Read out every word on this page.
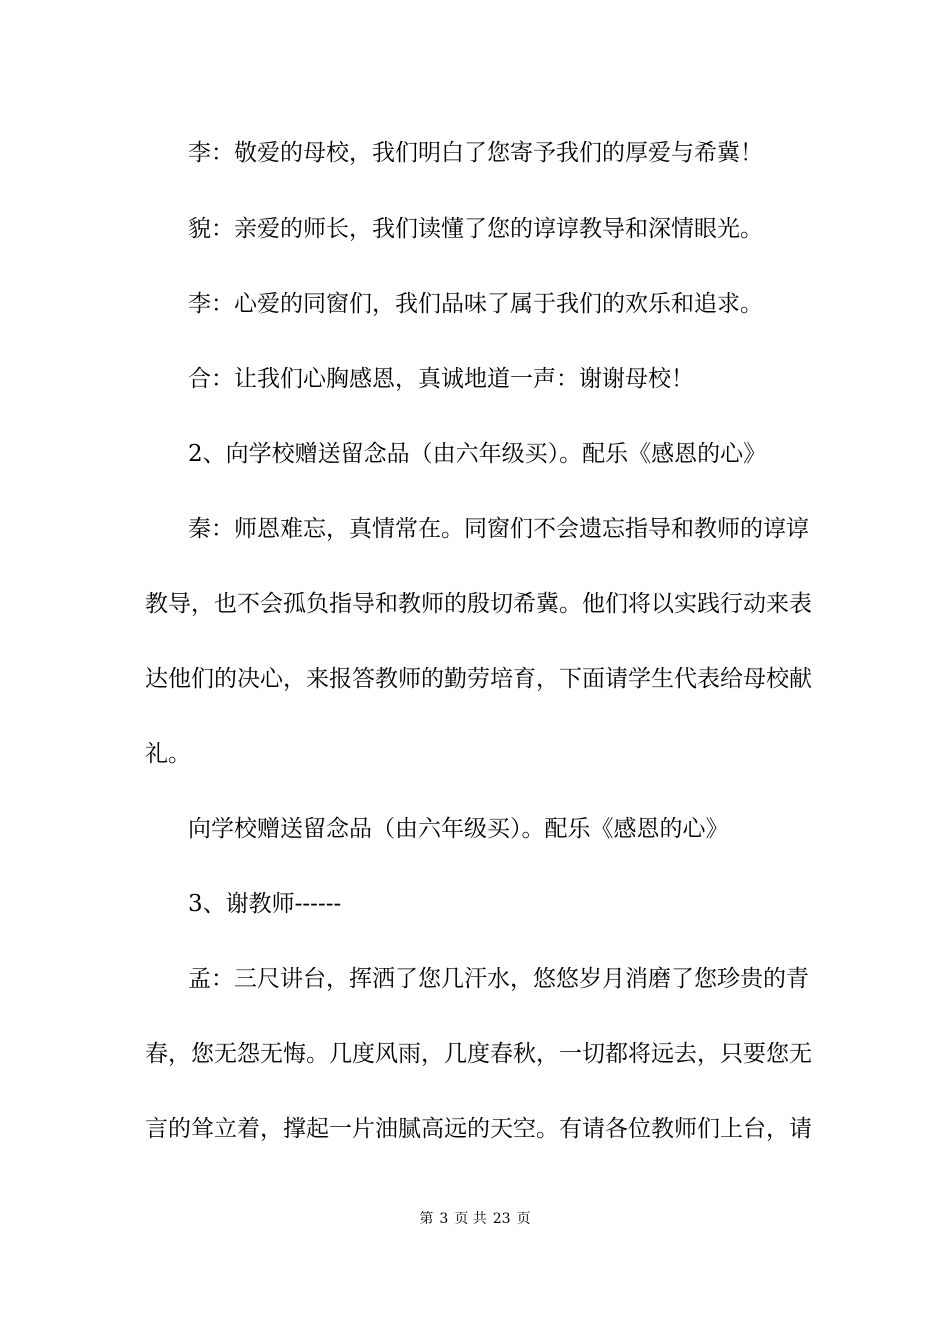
李：敬爱的母校，我们明白了您寄予我们的厚爱与希冀！
貌：亲爱的师长，我们读懂了您的谆谆教导和深情眼光。
李：心爱的同窗们，我们品味了属于我们的欢乐和追求。
合：让我们心胸感恩，真诚地道一声：谢谢母校！
2、向学校赠送留念品（由六年级买）。配乐《感恩的心》
秦：师恩难忘，真情常在。同窗们不会遗忘指导和教师的谆谆
教导，也不会孤负指导和教师的殷切希冀。他们将以实践行动来表
达他们的决心，来报答教师的勤劳培育，下面请学生代表给母校献
礼。
向学校赠送留念品（由六年级买）。配乐《感恩的心》
3、谢教师------
孟：三尺讲台，挥洒了您几汗水，悠悠岁月消磨了您珍贵的青
春，您无怨无悔。几度风雨，几度春秋，一切都将远去，只要您无
言的耸立着，撑起一片油腻高远的天空。有请各位教师们上台，请
第 3 页 共 23 页
